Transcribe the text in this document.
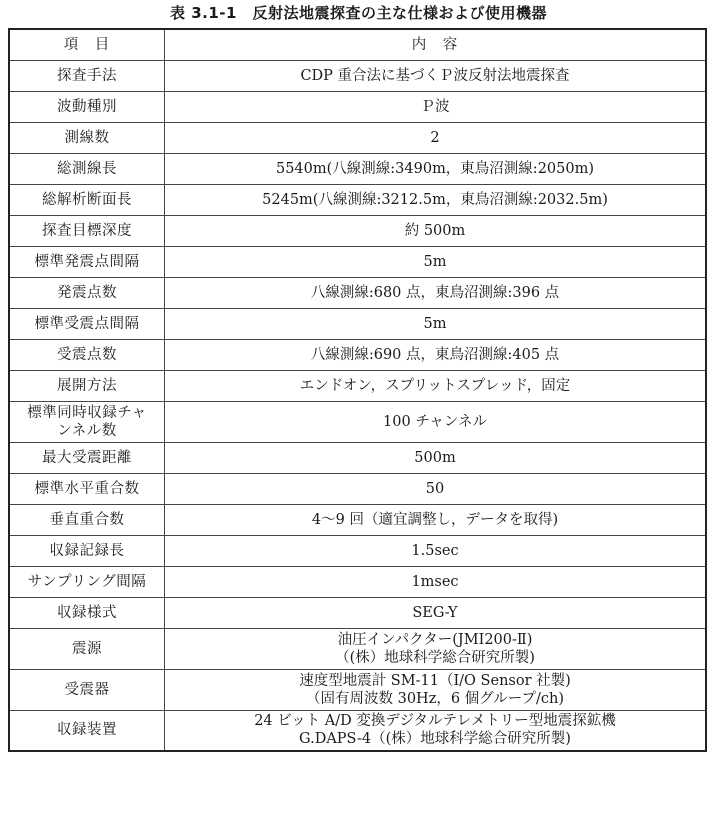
表 3.1-1　反射法地震探査の主な仕様および使用機器
項　目	内　容

探査手法	CDP 重合法に基づくＰ波反射法地震探査

波動種別	Ｐ波

測線数	2

総測線長	5540m(八線測線:3490m，東鳥沼測線:2050m)

総解析断面長	5245m(八線測線:3212.5m，東鳥沼測線:2032.5m)

探査目標深度	約 500m

標準発震点間隔	5m

発震点数	八線測線:680 点，東鳥沼測線:396 点

標準受震点間隔	5m

受震点数	八線測線:690 点，東鳥沼測線:405 点

展開方法	エンドオン，スプリットスプレッド，固定

標準同時収録チャ
ンネル数	100 チャンネル

最大受震距離	500m

標準水平重合数	50

垂直重合数	4～9 回（適宜調整し，データを取得)

収録記録長	1.5sec

サンプリング間隔	1msec

収録様式	SEG-Y

震源	油圧インパクター(JMI200-Ⅱ)
（(株）地球科学総合研究所製)

受震器	速度型地震計 SM-11（I/O Sensor 社製)
（固有周波数 30Hz，6 個グループ/ch)

収録装置	24 ビット A/D 変換デジタルテレメトリー型地震探鉱機
G.DAPS-4（(株）地球科学総合研究所製)
